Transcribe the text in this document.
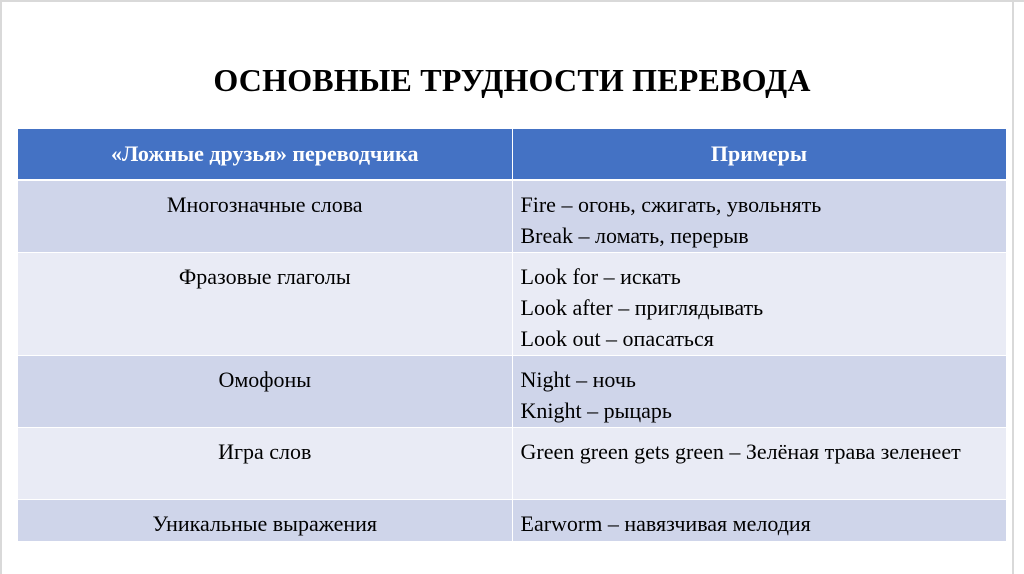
ОСНОВНЫЕ ТРУДНОСТИ ПЕРЕВОДА
«Ложные друзья» переводчика	Примеры
Многозначные слова	Fire – огонь, сжигать, увольнять
Break – ломать, перерыв

Фразовые глаголы	Look for – искать
Look after – приглядывать
Look out – опасаться

Омофоны	Night – ночь
Knight – рыцарь

Игра слов	Green green gets green – Зелёная трава зеленеет

Уникальные выражения	Earworm – навязчивая мелодия
